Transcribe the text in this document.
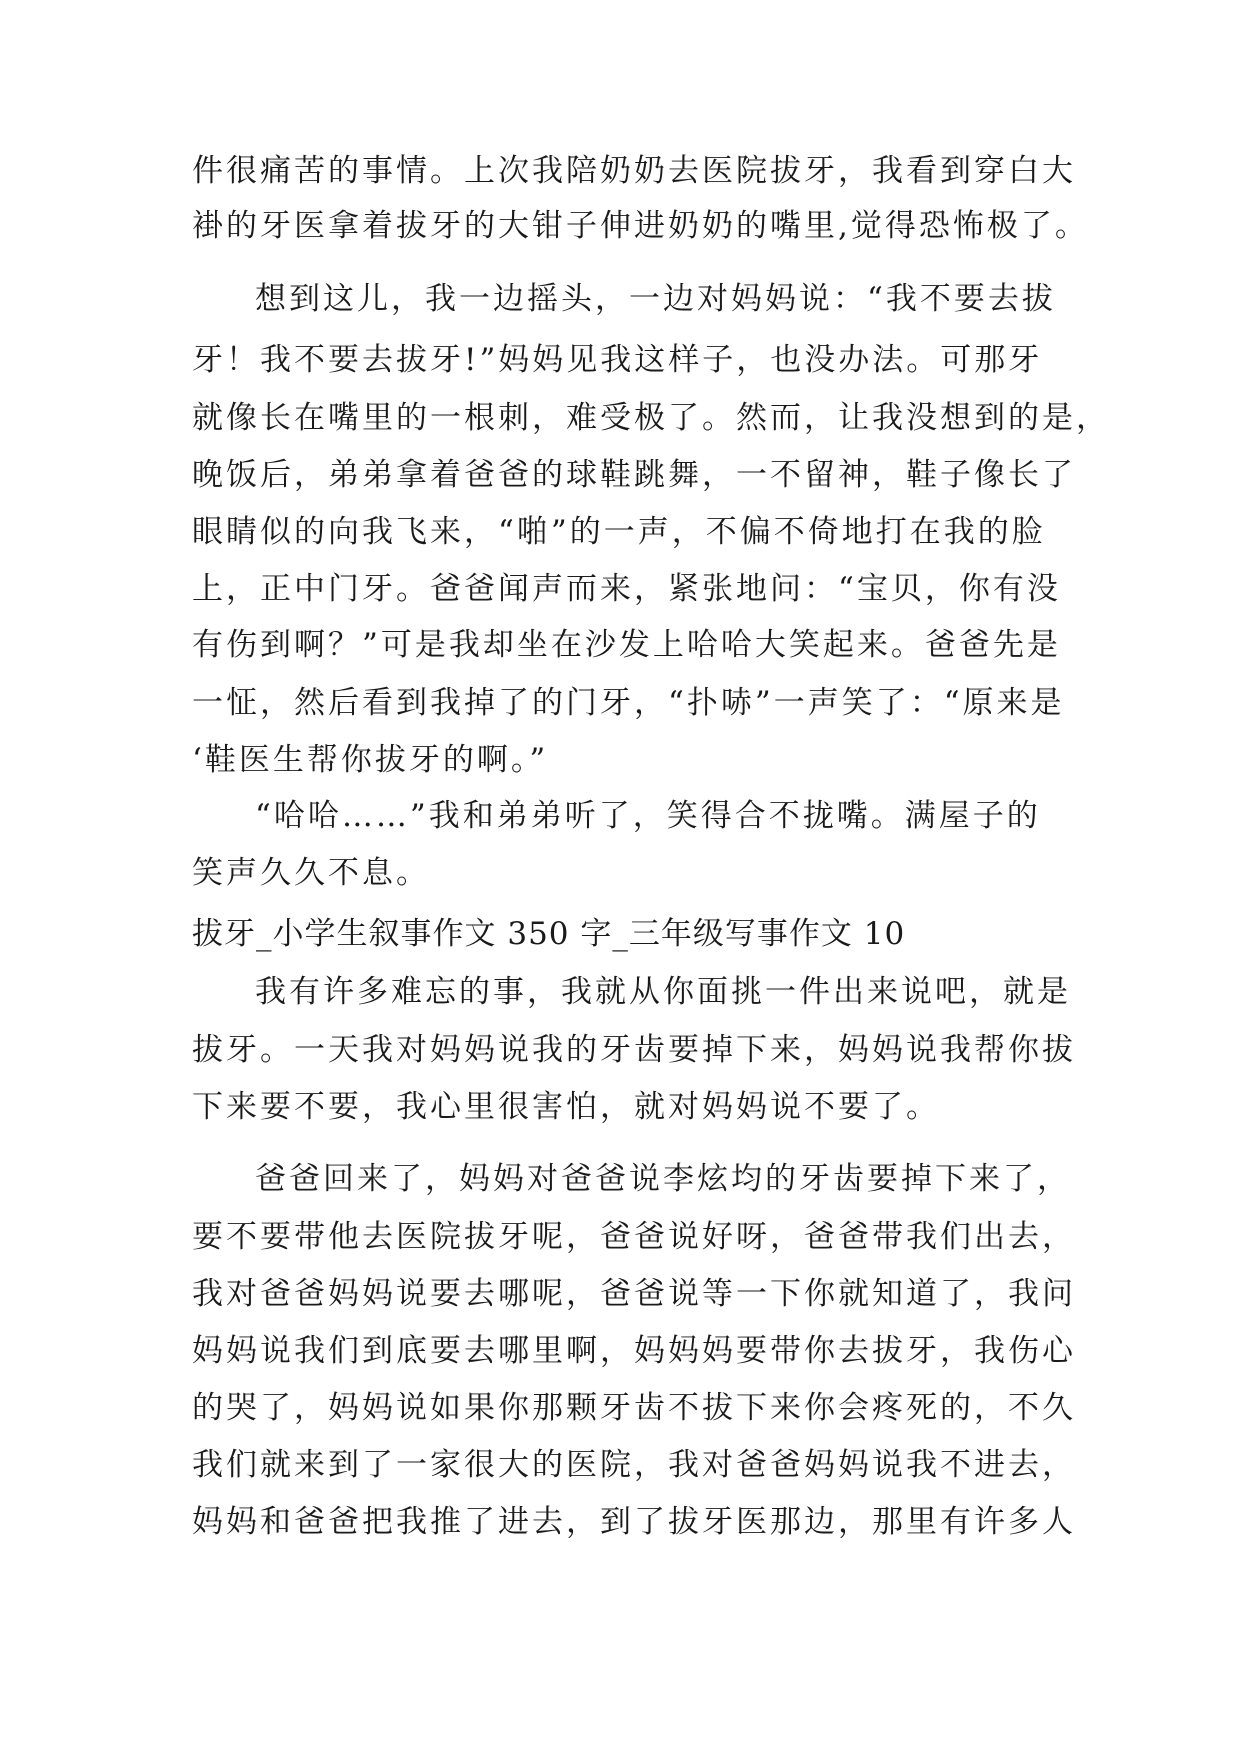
件很痛苦的事情。上次我陪奶奶去医院拔牙，我看到穿白大
褂的牙医拿着拔牙的大钳子伸进奶奶的嘴里,觉得恐怖极了。
想到这儿，我一边摇头，一边对妈妈说：“我不要去拔
牙！我不要去拔牙!”妈妈见我这样子，也没办法。可那牙
就像长在嘴里的一根刺，难受极了。然而，让我没想到的是，
晚饭后，弟弟拿着爸爸的球鞋跳舞，一不留神，鞋子像长了
眼睛似的向我飞来，“啪”的一声，不偏不倚地打在我的脸
上，正中门牙。爸爸闻声而来，紧张地问：“宝贝，你有没
有伤到啊？”可是我却坐在沙发上哈哈大笑起来。爸爸先是
一怔，然后看到我掉了的门牙，“扑哧”一声笑了：“原来是
‘鞋医生帮你拔牙的啊。”
“哈哈……”我和弟弟听了，笑得合不拢嘴。满屋子的
笑声久久不息。
拔牙_小学生叙事作文 350 字_三年级写事作文 10
我有许多难忘的事，我就从你面挑一件出来说吧，就是
拔牙。一天我对妈妈说我的牙齿要掉下来，妈妈说我帮你拔
下来要不要，我心里很害怕，就对妈妈说不要了。
爸爸回来了，妈妈对爸爸说李炫均的牙齿要掉下来了，
要不要带他去医院拔牙呢，爸爸说好呀，爸爸带我们出去，
我对爸爸妈妈说要去哪呢，爸爸说等一下你就知道了，我问
妈妈说我们到底要去哪里啊，妈妈妈要带你去拔牙，我伤心
的哭了，妈妈说如果你那颗牙齿不拔下来你会疼死的，不久
我们就来到了一家很大的医院，我对爸爸妈妈说我不进去，
妈妈和爸爸把我推了进去，到了拔牙医那边，那里有许多人
